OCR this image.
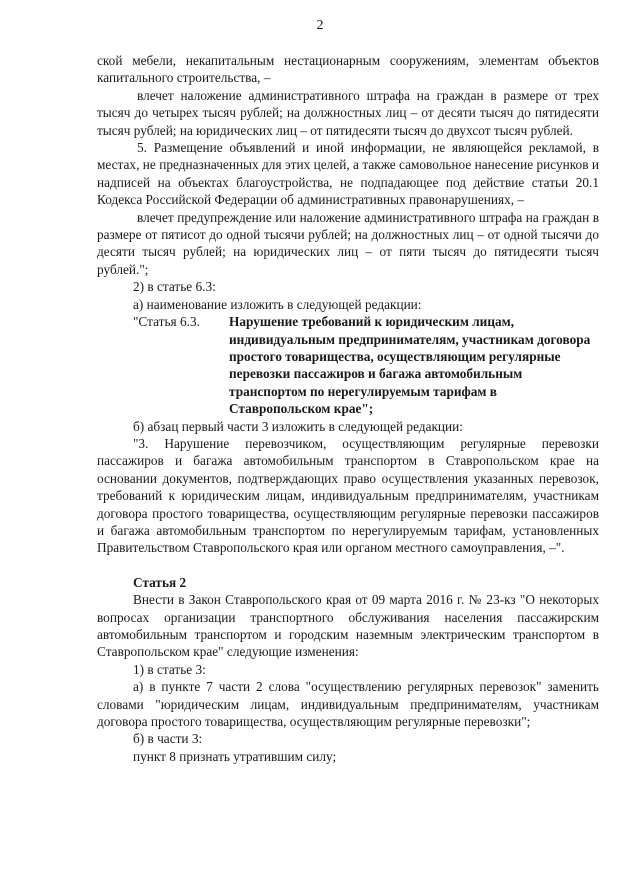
2

ской мебели, некапитальным нестационарным сооружениям, элементам объектов капитального строительства, –

влечет наложение административного штрафа на граждан в размере от трех тысяч до четырех тысяч рублей; на должностных лиц – от десяти тысяч до пятидесяти тысяч рублей; на юридических лиц – от пятидесяти тысяч до двухсот тысяч рублей.

5. Размещение объявлений и иной информации, не являющейся рекламой, в местах, не предназначенных для этих целей, а также самовольное нанесение рисунков и надписей на объектах благоустройства, не подпадающее под действие статьи 20.1 Кодекса Российской Федерации об административных правонарушениях, –

влечет предупреждение или наложение административного штрафа на граждан в размере от пятисот до одной тысячи рублей; на должностных лиц – от одной тысячи до десяти тысяч рублей; на юридических лиц – от пяти тысяч до пятидесяти тысяч рублей.";

2) в статье 6.3:

а) наименование изложить в следующей редакции:

"Статья 6.3.	Нарушение требований к юридическим лицам, индивидуальным предпринимателям, участникам договора простого товарищества, осуществляющим регулярные перевозки пассажиров и багажа автомобильным транспортом по нерегулируемым тарифам в Ставропольском крае";

б) абзац первый части 3 изложить в следующей редакции:

"3. Нарушение перевозчиком, осуществляющим регулярные перевозки пассажиров и багажа автомобильным транспортом в Ставропольском крае на основании документов, подтверждающих право осуществления указанных перевозок, требований к юридическим лицам, индивидуальным предпринимателям, участникам договора простого товарищества, осуществляющим регулярные перевозки пассажиров и багажа автомобильным транспортом по нерегулируемым тарифам, установленных Правительством Ставропольского края или органом местного самоуправления, –".

Статья 2

Внести в Закон Ставропольского края от 09 марта 2016 г. № 23-кз "О некоторых вопросах организации транспортного обслуживания населения пассажирским автомобильным транспортом и городским наземным электрическим транспортом в Ставропольском крае" следующие изменения:

1) в статье 3:

а) в пункте 7 части 2 слова "осуществлению регулярных перевозок" заменить словами "юридическим лицам, индивидуальным предпринимателям, участникам договора простого товарищества, осуществляющим регулярные перевозки";

б) в части 3:

пункт 8 признать утратившим силу;
